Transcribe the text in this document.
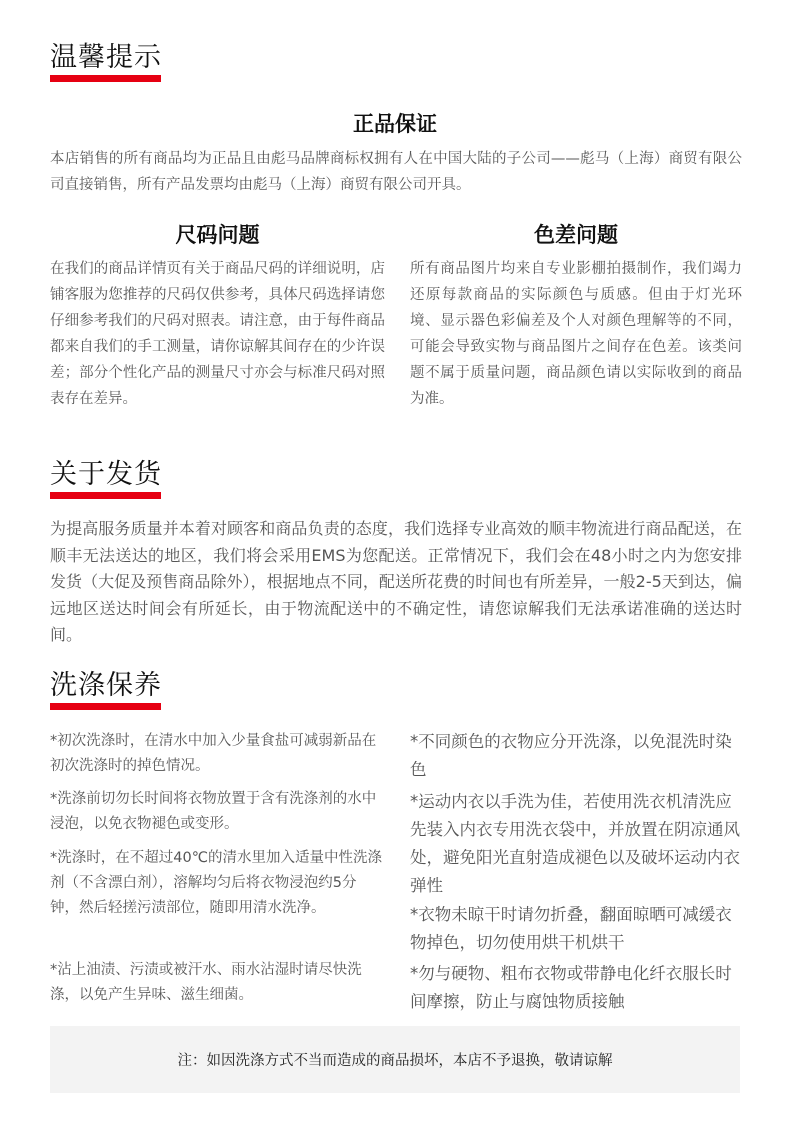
温馨提示
正品保证

本店销售的所有商品均为正品且由彪马品牌商标权拥有人在中国大陆的子公司——彪马（上海）商贸有限公司直接销售，所有产品发票均由彪马（上海）商贸有限公司开具。

尺码问题

在我们的商品详情页有关于商品尺码的详细说明，店铺客服为您推荐的尺码仅供参考，具体尺码选择请您仔细参考我们的尺码对照表。请注意，由于每件商品都来自我们的手工测量，请你谅解其间存在的少许误差；部分个性化产品的测量尺寸亦会与标准尺码对照表存在差异。

色差问题

所有商品图片均来自专业影棚拍摄制作，我们竭力还原每款商品的实际颜色与质感。但由于灯光环境、显示器色彩偏差及个人对颜色理解等的不同，可能会导致实物与商品图片之间存在色差。该类问题不属于质量问题，商品颜色请以实际收到的商品为准。

关于发货

为提高服务质量并本着对顾客和商品负责的态度，我们选择专业高效的顺丰物流进行商品配送，在顺丰无法送达的地区，我们将会采用EMS为您配送。正常情况下，我们会在48小时之内为您安排发货（大促及预售商品除外），根据地点不同，配送所花费的时间也有所差异，一般2-5天到达，偏远地区送达时间会有所延长，由于物流配送中的不确定性，请您谅解我们无法承诺准确的送达时间。

洗涤保养

*初次洗涤时，在清水中加入少量食盐可减弱新品在初次洗涤时的掉色情况。

*洗涤前切勿长时间将衣物放置于含有洗涤剂的水中浸泡，以免衣物褪色或变形。

*洗涤时，在不超过40℃的清水里加入适量中性洗涤剂（不含漂白剂），溶解均匀后将衣物浸泡约5分钟，然后轻搓污渍部位，随即用清水洗净。

*沾上油渍、污渍或被汗水、雨水沾湿时请尽快洗涤，以免产生异味、滋生细菌。

*不同颜色的衣物应分开洗涤，以免混洗时染色

*运动内衣以手洗为佳，若使用洗衣机清洗应先装入内衣专用洗衣袋中，并放置在阴凉通风处，避免阳光直射造成褪色以及破坏运动内衣弹性

*衣物未晾干时请勿折叠，翻面晾晒可减缓衣物掉色，切勿使用烘干机烘干

*勿与硬物、粗布衣物或带静电化纤衣服长时间摩擦，防止与腐蚀物质接触

注：如因洗涤方式不当而造成的商品损坏，本店不予退换，敬请谅解
